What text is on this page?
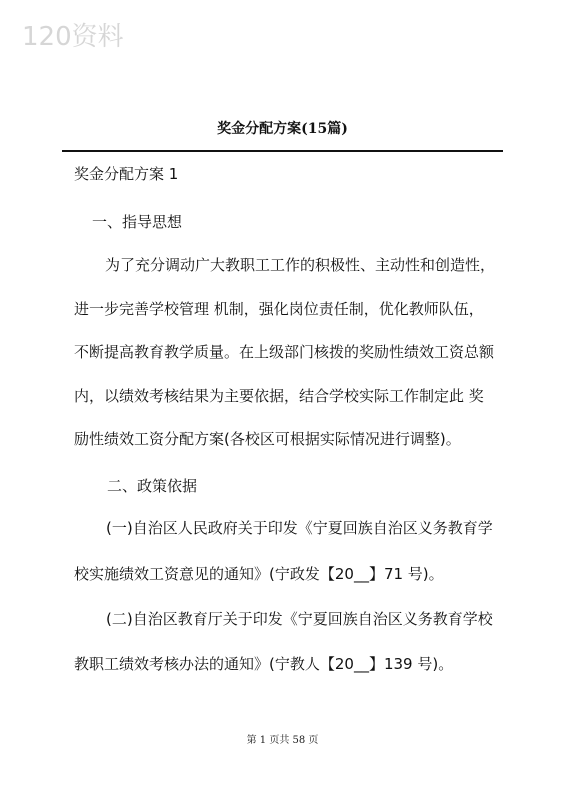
120资料
奖金分配方案(15篇)
奖金分配方案 1
一、指导思想
为了充分调动广大教职工工作的积极性、主动性和创造性，
进一步完善学校管理 机制，强化岗位责任制，优化教师队伍，
不断提高教育教学质量。在上级部门核拨的奖励性绩效工资总额
内，以绩效考核结果为主要依据，结合学校实际工作制定此 奖
励性绩效工资分配方案(各校区可根据实际情况进行调整)。
二、政策依据
(一)自治区人民政府关于印发《宁夏回族自治区义务教育学
校实施绩效工资意见的通知》(宁政发【20__】71 号)。
(二)自治区教育厅关于印发《宁夏回族自治区义务教育学校
教职工绩效考核办法的通知》(宁教人【20__】139 号)。
第 1 页共 58 页
